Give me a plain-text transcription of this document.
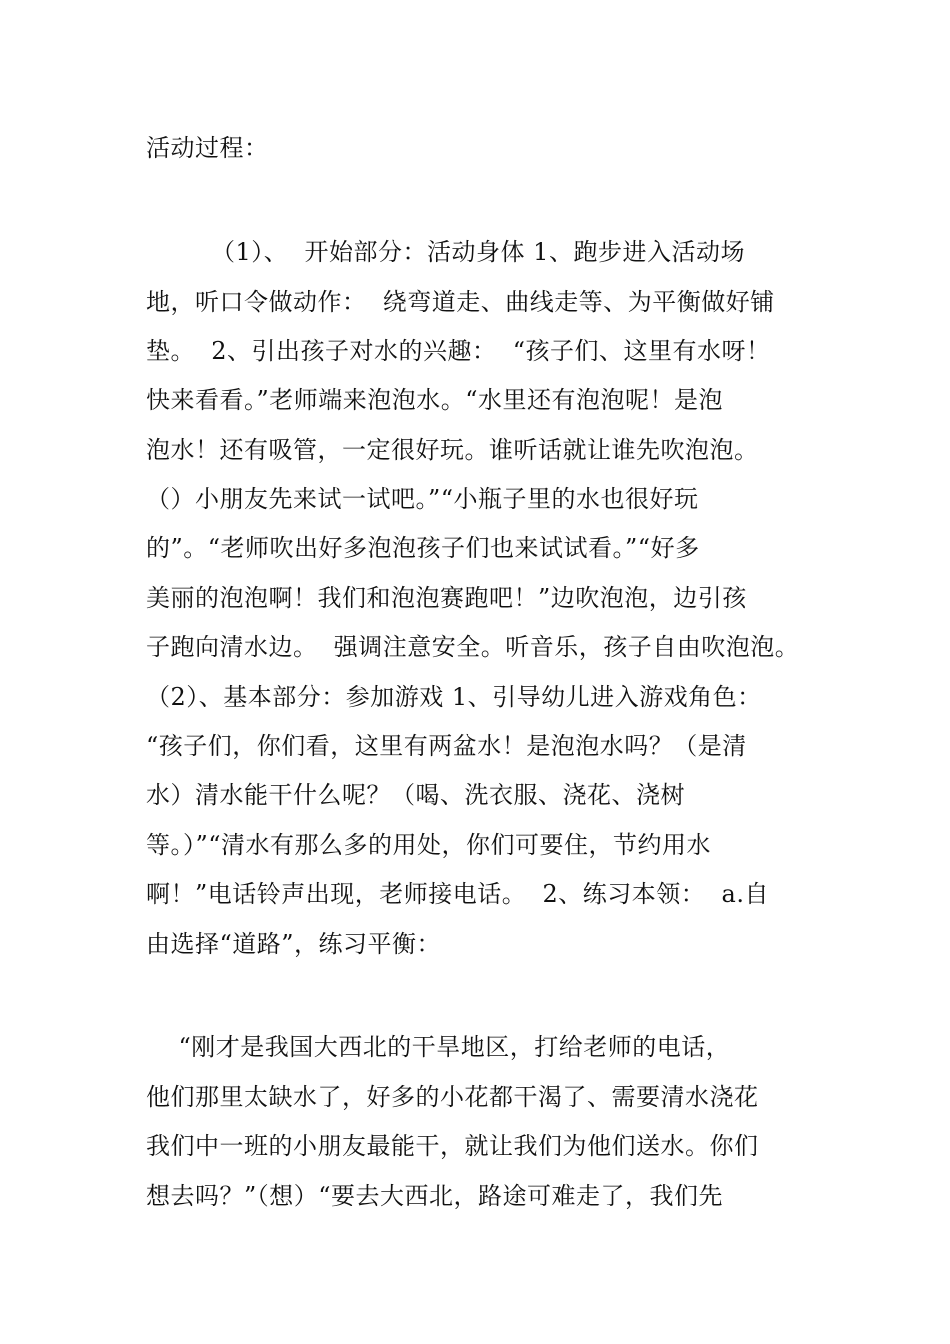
活动过程：
（1）、  开始部分：活动身体 1、跑步进入活动场
地，听口令做动作：  绕弯道走、曲线走等、为平衡做好铺
垫。  2、引出孩子对水的兴趣：  “孩子们、这里有水呀！
快来看看。”老师端来泡泡水。“水里还有泡泡呢！是泡
泡水！还有吸管，一定很好玩。谁听话就让谁先吹泡泡。
（）小朋友先来试一试吧。”“小瓶子里的水也很好玩
的”。“老师吹出好多泡泡孩子们也来试试看。”“好多
美丽的泡泡啊！我们和泡泡赛跑吧！”边吹泡泡，边引孩
子跑向清水边。  强调注意安全。听音乐，孩子自由吹泡泡。
（2）、基本部分：参加游戏 1、引导幼儿进入游戏角色：
“孩子们，你们看，这里有两盆水！是泡泡水吗？（是清
水）清水能干什么呢？（喝、洗衣服、浇花、浇树
等。）”“清水有那么多的用处，你们可要住，节约用水
啊！”电话铃声出现，老师接电话。  2、练习本领：  a.自
由选择“道路”，练习平衡：
“刚才是我国大西北的干旱地区，打给老师的电话，
他们那里太缺水了，好多的小花都干渴了、需要清水浇花
我们中一班的小朋友最能干，就让我们为他们送水。你们
想去吗？”（想）“要去大西北，路途可难走了，我们先
